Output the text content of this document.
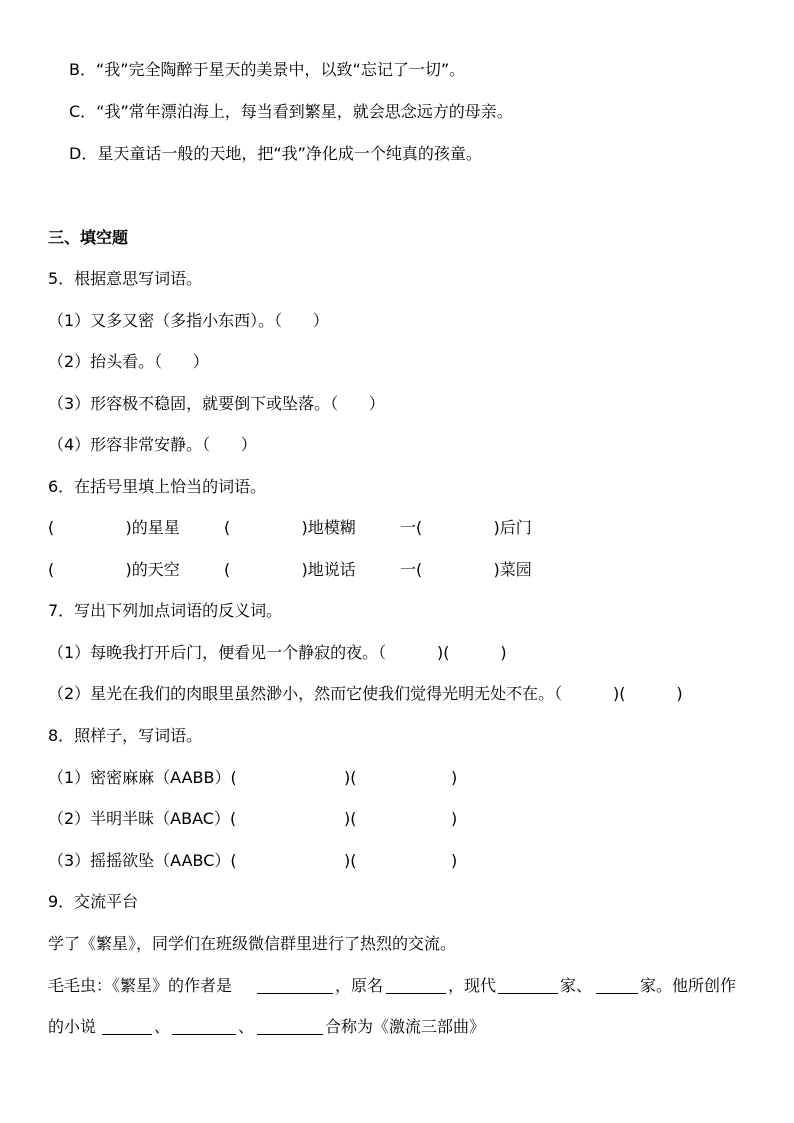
B．“我”完全陶醉于星天的美景中，以致“忘记了一切”。
C．“我”常年漂泊海上，每当看到繁星，就会思念远方的母亲。
D．星天童话一般的天地，把“我”净化成一个纯真的孩童。
三、填空题
5．根据意思写词语。
（1）又多又密（多指小东西）。（      ）
（2）抬头看。（      ）
（3）形容极不稳固，就要倒下或坠落。（      ）
（4）形容非常安静。（      ）
6．在括号里填上恰当的词语。
(              )的星星	(              )地模糊	一(              )后门
(              )的天空	(              )地说话	一(              )菜园
7．写出下列加点词语的反义词。
（1）每晚我打开后门，便看见一个静寂的夜。（          )(          )
（2）星光在我们的肉眼里虽然渺小，然而它使我们觉得光明无处不在。（          )(          )
8．照样子，写词语。
（1）密密麻麻（AABB）(	)(	)
（2）半明半昧（ABAC）(	)(	)
（3）摇摇欲坠（AABC）(	)(	)
9．交流平台
学了《繁星》，同学们在班级微信群里进行了热烈的交流。
毛毛虫：《繁星》的作者是	，原名	，现代	家、	家。他所创作
的小说	、	、	合称为《激流三部曲》
